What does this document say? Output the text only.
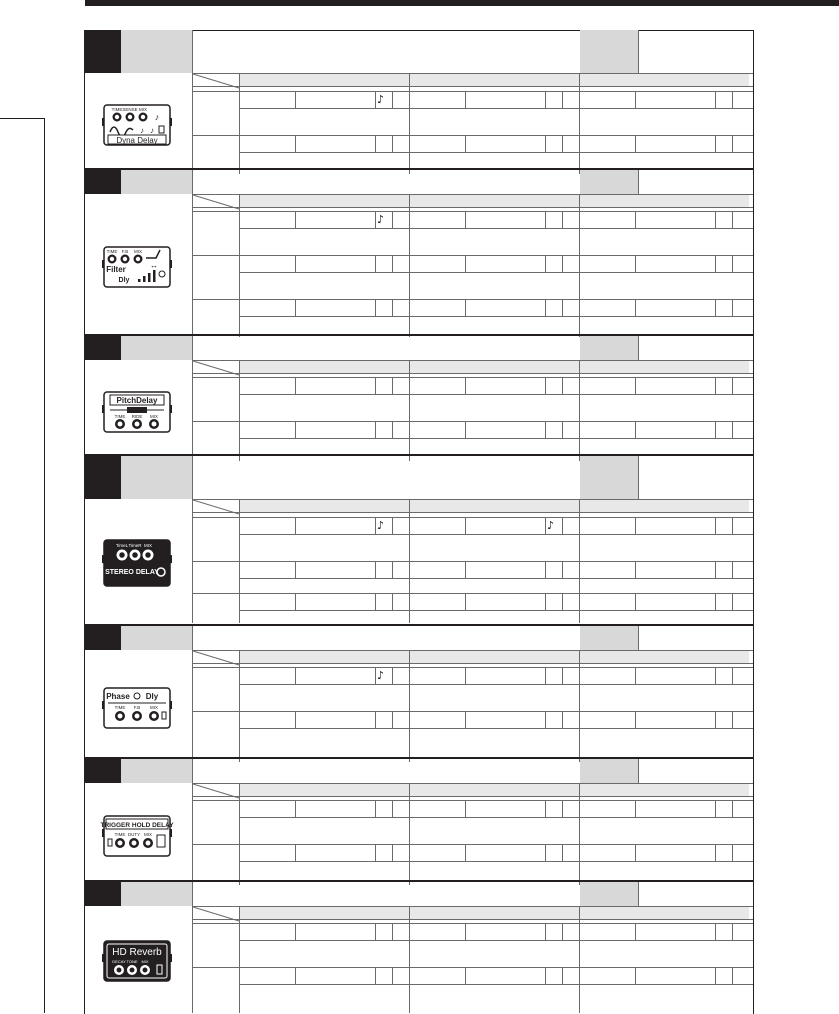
♪
TIME SENSE MIX
♪
♪ ♪
Dyna Delay
♪
TIME F.B MIX
↔
Filter
Dly
PitchDelay
TIME RIDE MIX
♪	♪
TimeL TimeR MIX
STEREO DELAY
♪
Phase Dly
TIME F.B MIX
TRIGGER HOLD DELAY
TIME DUTY MIX
HD Reverb
DECAY TONE MIX
